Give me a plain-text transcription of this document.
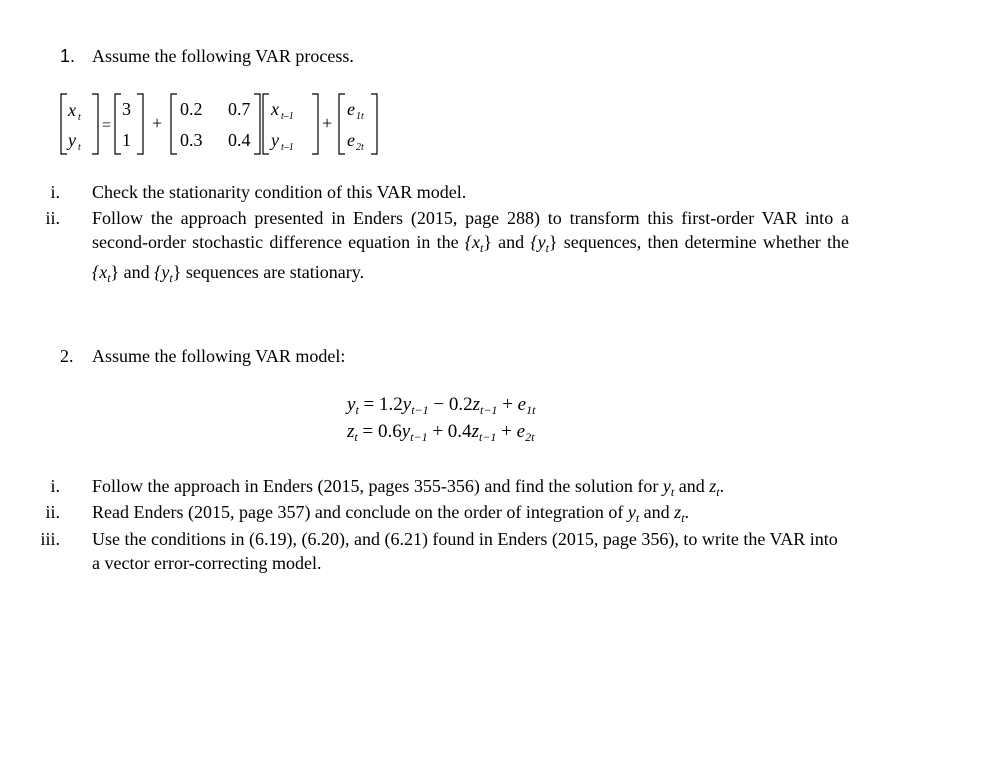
1. Assume the following VAR process.
x t
y t
=
3
1
+
0.2 0.7
0.3 0.4
x t–1
y t–1
+
e 1t
e 2t
i. Check the stationarity condition of this VAR model.
ii. Follow the approach presented in Enders (2015, page 288) to transform this first-order VAR into a second-order stochastic difference equation in the $\{x_t\}$ and $\{y_t\}$ sequences, then determine whether the $\{x_t\}$ and $\{y_t\}$ sequences are stationary.
2. Assume the following VAR model:
$y_t = 1.2y_{t-1} - 0.2z_{t-1} + e_{1t}$
$z_t = 0.6y_{t-1} + 0.4z_{t-1} + e_{2t}$
i. Follow the approach in Enders (2015, pages 355-356) and find the solution for $y_t$ and $z_t$.
ii. Read Enders (2015, page 357) and conclude on the order of integration of $y_t$ and $z_t$.
iii. Use the conditions in (6.19), (6.20), and (6.21) found in Enders (2015, page 356), to write the VAR into a vector error-correcting model.
